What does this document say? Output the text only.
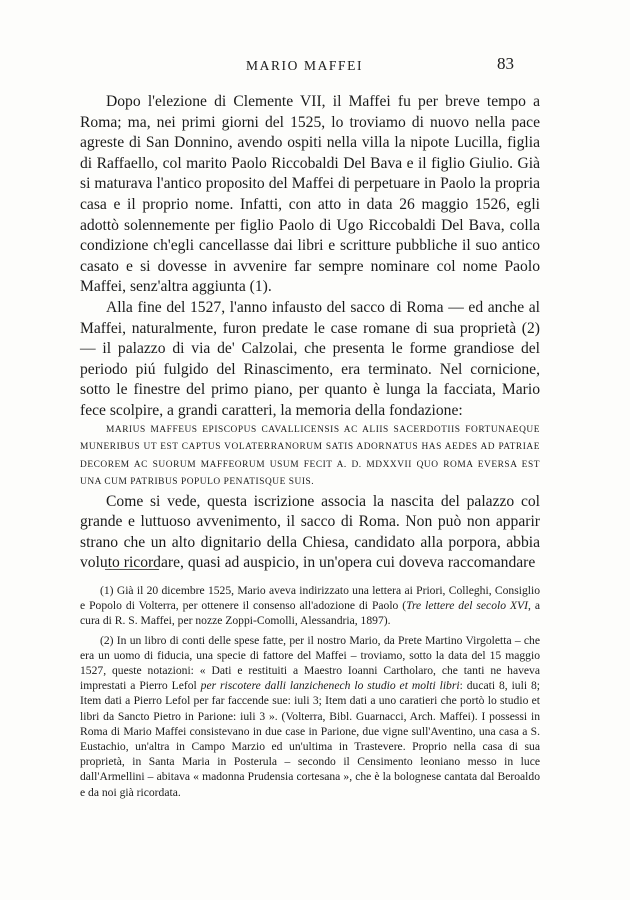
MARIO MAFFEI	83

Dopo l'elezione di Clemente VII, il Maffei fu per breve tempo a Roma; ma, nei primi giorni del 1525, lo troviamo di nuovo nella pace agreste di San Donnino, avendo ospiti nella villa la nipote Lucilla, figlia di Raffaello, col marito Paolo Riccobaldi Del Bava e il figlio Giulio. Già si maturava l'antico proposito del Maffei di perpetuare in Paolo la propria casa e il proprio nome. Infatti, con atto in data 26 maggio 1526, egli adottò solennemente per figlio Paolo di Ugo Riccobaldi Del Bava, colla condizione ch'egli cancellasse dai libri e scritture pubbliche il suo antico casato e si dovesse in avvenire far sempre nominare col nome Paolo Maffei, senz'altra aggiunta (1).

Alla fine del 1527, l'anno infausto del sacco di Roma — ed anche al Maffei, naturalmente, furon predate le case romane di sua proprietà (2) — il palazzo di via de' Calzolai, che presenta le forme grandiose del periodo piú fulgido del Rinascimento, era terminato. Nel cornicione, sotto le finestre del primo piano, per quanto è lunga la facciata, Mario fece scolpire, a grandi caratteri, la memoria della fondazione:

MARIUS MAFFEUS EPISCOPUS CAVALLICENSIS AC ALIIS SACERDOTIIS FORTUNAEQUE MUNERIBUS UT EST CAPTUS VOLATERRANORUM SATIS ADORNATUS HAS AEDES AD PATRIAE DECOREM AC SUORUM MAFFEORUM USUM FECIT A. D. MDXXVII QUO ROMA EVERSA EST UNA CUM PATRIBUS POPULO PENATISQUE SUIS.

Come si vede, questa iscrizione associa la nascita del palazzo col grande e luttuoso avvenimento, il sacco di Roma. Non può non apparir strano che un alto dignitario della Chiesa, candidato alla porpora, abbia voluto ricordare, quasi ad auspicio, in un'opera cui doveva raccomandare

(1) Già il 20 dicembre 1525, Mario aveva indirizzato una lettera ai Priori, Colleghi, Consiglio e Popolo di Volterra, per ottenere il consenso all'adozione di Paolo (Tre lettere del secolo XVI, a cura di R. S. Maffei, per nozze Zoppi-Comolli, Alessandria, 1897).

(2) In un libro di conti delle spese fatte, per il nostro Mario, da Prete Martino Virgoletta – che era un uomo di fiducia, una specie di fattore del Maffei – troviamo, sotto la data del 15 maggio 1527, queste notazioni: « Dati e restituiti a Maestro Ioanni Cartholaro, che tanti ne haveva imprestati a Pierro Lefol per riscotere dalli lanzichenech lo studio et molti libri: ducati 8, iuli 8; Item dati a Pierro Lefol per far faccende sue: iuli 3; Item dati a uno caratieri che portò lo studio et libri da Sancto Pietro in Parione: iuli 3 ». (Volterra, Bibl. Guarnacci, Arch. Maffei). I possessi in Roma di Mario Maffei consistevano in due case in Parione, due vigne sull'Aventino, una casa a S. Eustachio, un'altra in Campo Marzio ed un'ultima in Trastevere. Proprio nella casa di sua proprietà, in Santa Maria in Posterula – secondo il Censimento leoniano messo in luce dall'Armellini – abitava « madonna Prudensia cortesana », che è la bolognese cantata dal Beroaldo e da noi già ricordata.
